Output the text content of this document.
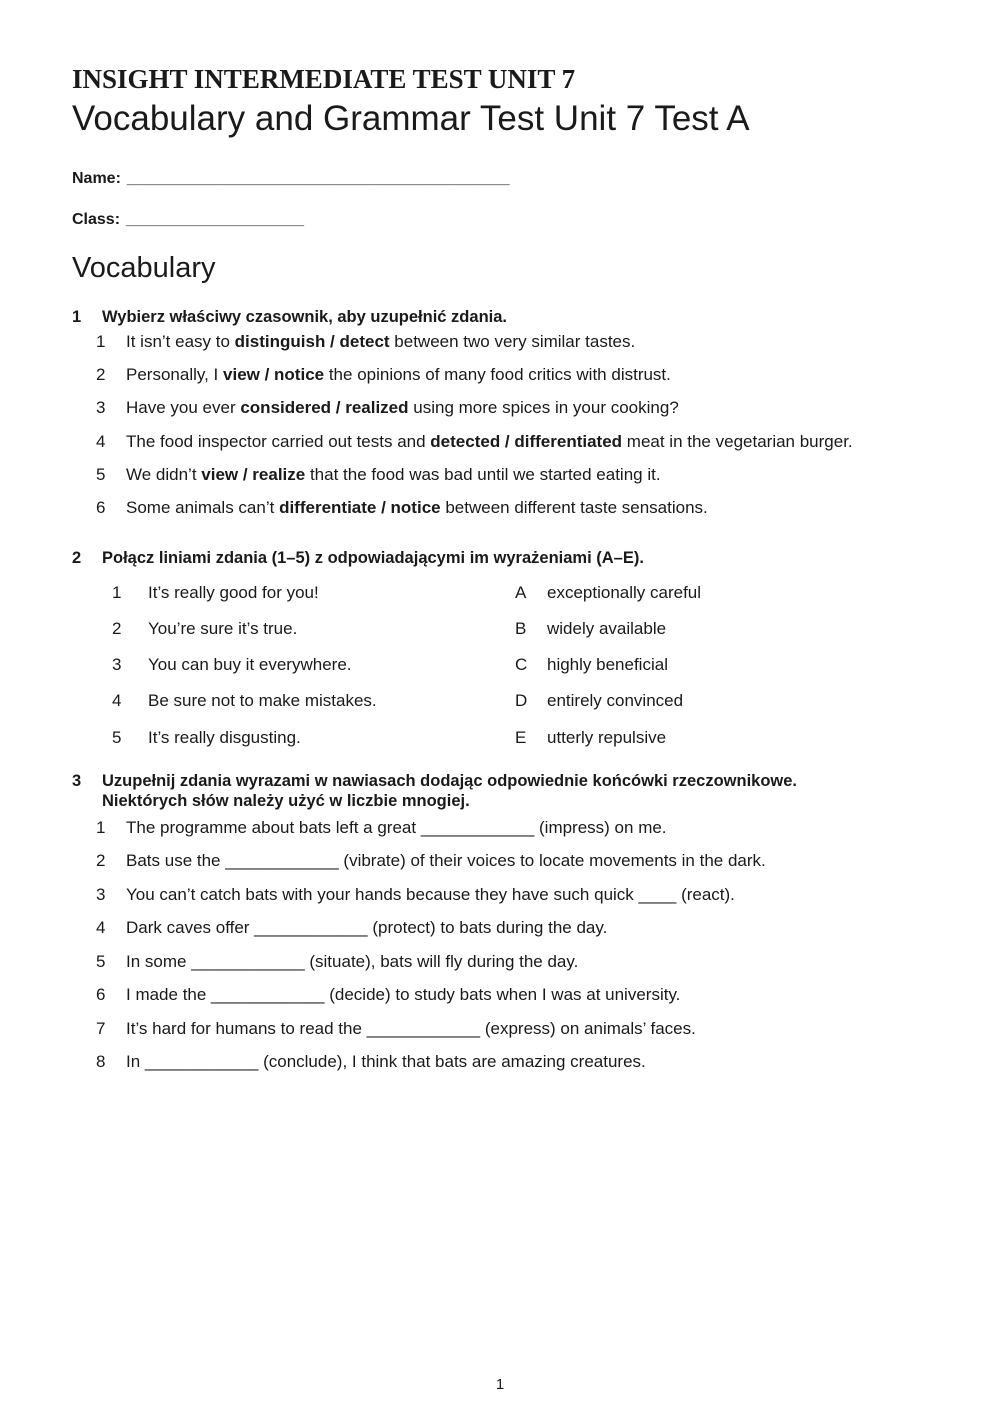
INSIGHT INTERMEDIATE TEST UNIT 7
Vocabulary and Grammar Test Unit 7 Test A
Name: ___________________________________________
Class: ____________________
Vocabulary
1 Wybierz właściwy czasownik, aby uzupełnić zdania.
1 It isn’t easy to distinguish / detect between two very similar tastes.
2 Personally, I view / notice the opinions of many food critics with distrust.
3 Have you ever considered / realized using more spices in your cooking?
4 The food inspector carried out tests and detected / differentiated meat in the vegetarian burger.
5 We didn’t view / realize that the food was bad until we started eating it.
6 Some animals can’t differentiate / notice between different taste sensations.
2 Połącz liniami zdania (1–5) z odpowiadającymi im wyrażeniami (A–E).
1 It’s really good for you!
2 You’re sure it’s true.
3 You can buy it everywhere.
4 Be sure not to make mistakes.
5 It’s really disgusting.
A exceptionally careful
B widely available
C highly beneficial
D entirely convinced
E utterly repulsive
3 Uzupełnij zdania wyrazami w nawiasach dodając odpowiednie końcówki rzeczownikowe.
Niektórych słów należy użyć w liczbie mnogiej.
1 The programme about bats left a great ____________ (impress) on me.
2 Bats use the ____________ (vibrate) of their voices to locate movements in the dark.
3 You can’t catch bats with your hands because they have such quick ____ (react).
4 Dark caves offer ____________ (protect) to bats during the day.
5 In some ____________ (situate), bats will fly during the day.
6 I made the ____________ (decide) to study bats when I was at university.
7 It’s hard for humans to read the ____________ (express) on animals’ faces.
8 In ____________ (conclude), I think that bats are amazing creatures.
1
